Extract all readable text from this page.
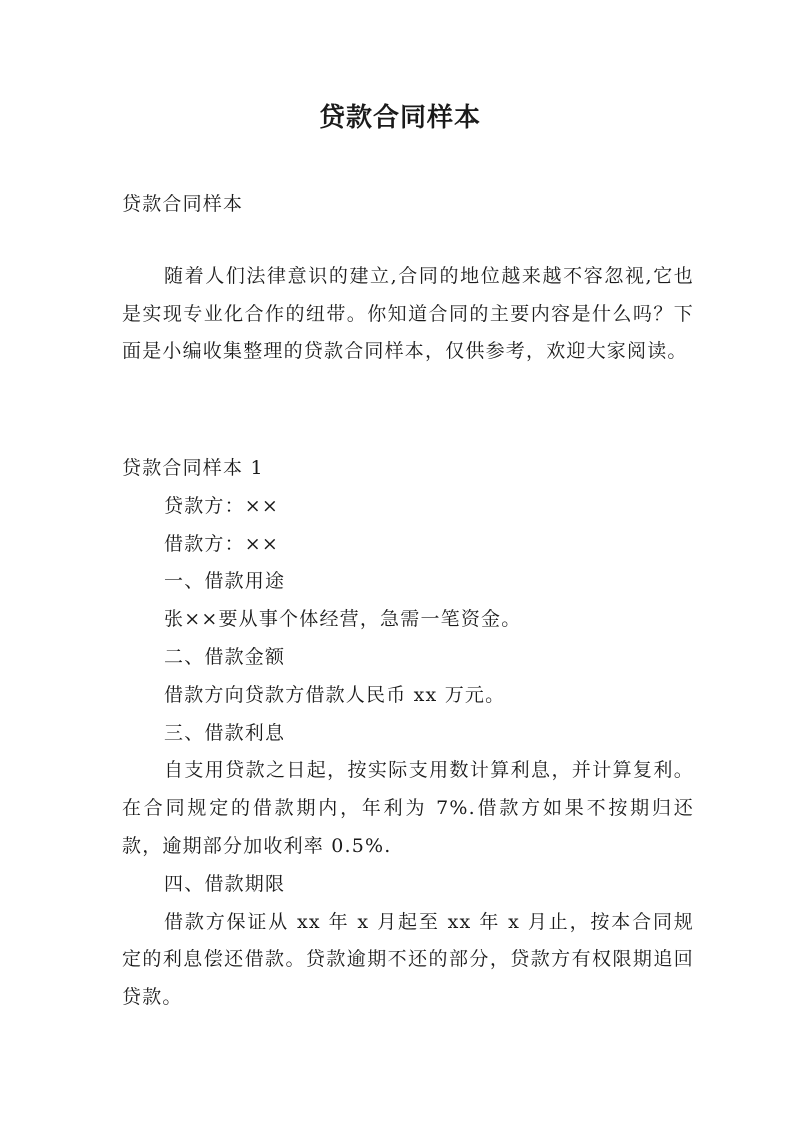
贷款合同样本
贷款合同样本
随着人们法律意识的建立,合同的地位越来越不容忽视,它也是实现专业化合作的纽带。你知道合同的主要内容是什么吗？下面是小编收集整理的贷款合同样本，仅供参考，欢迎大家阅读。

贷款合同样本 1

贷款方：××

借款方：××

一、借款用途

张××要从事个体经营，急需一笔资金。

二、借款金额

借款方向贷款方借款人民币 xx 万元。

三、借款利息

自支用贷款之日起，按实际支用数计算利息，并计算复利。在合同规定的借款期内，年利为 7%.借款方如果不按期归还款，逾期部分加收利率 0.5%.

四、借款期限

借款方保证从 xx 年 x 月起至 xx 年 x 月止，按本合同规定的利息偿还借款。贷款逾期不还的部分，贷款方有权限期追回贷款。
